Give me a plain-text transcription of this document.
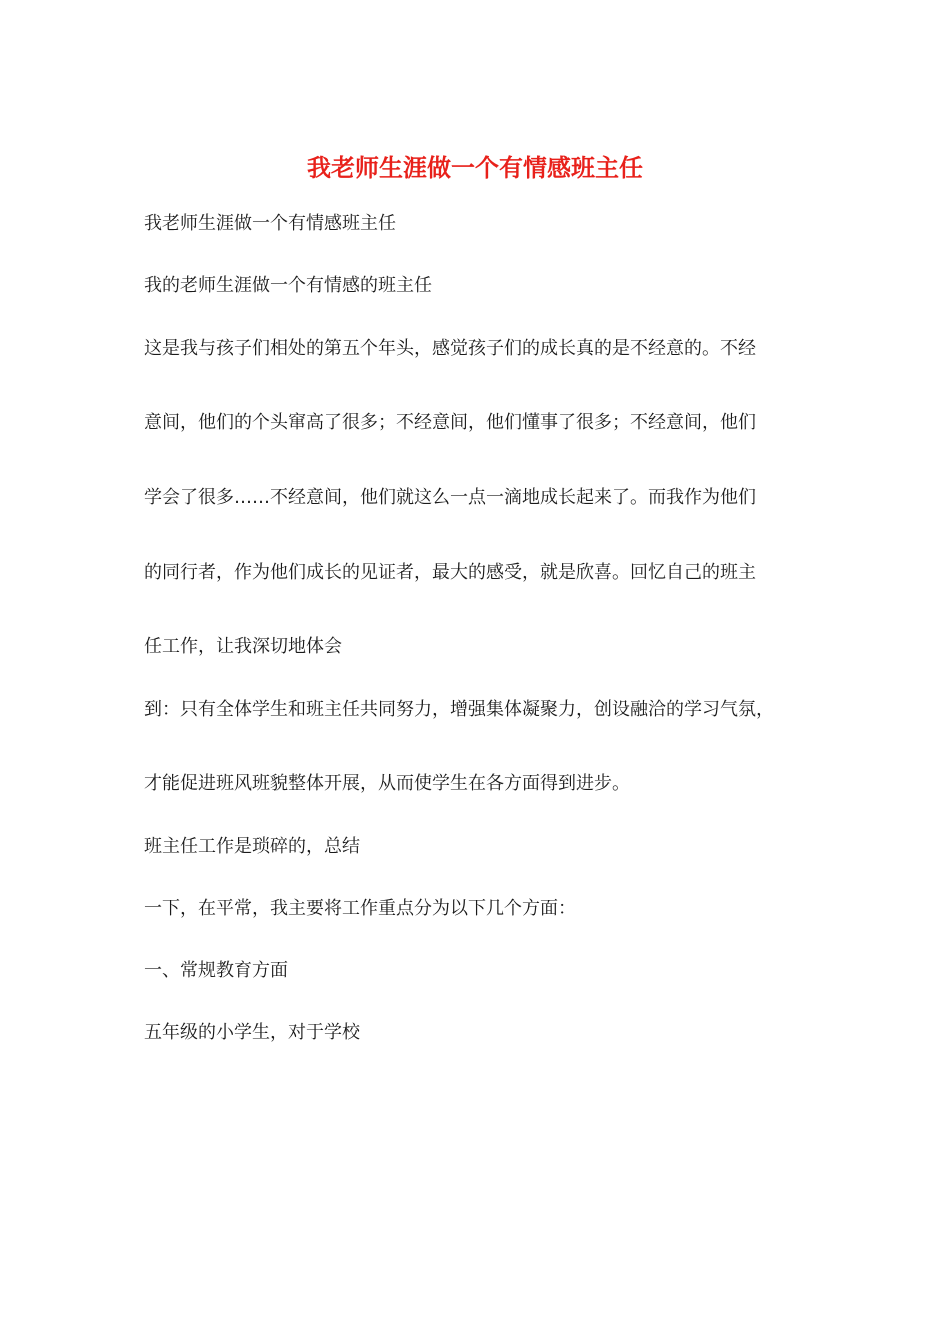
我老师生涯做一个有情感班主任

我老师生涯做一个有情感班主任

我的老师生涯做一个有情感的班主任

这是我与孩子们相处的第五个年头，感觉孩子们的成长真的是不经意的。不经

意间，他们的个头窜高了很多；不经意间，他们懂事了很多；不经意间，他们

学会了很多……不经意间，他们就这么一点一滴地成长起来了。而我作为他们

的同行者，作为他们成长的见证者，最大的感受，就是欣喜。回忆自己的班主

任工作，让我深切地体会

到：只有全体学生和班主任共同努力，增强集体凝聚力，创设融洽的学习气氛，

才能促进班风班貌整体开展，从而使学生在各方面得到进步。

班主任工作是琐碎的，总结

一下，在平常，我主要将工作重点分为以下几个方面：

一、常规教育方面

五年级的小学生，对于学校
